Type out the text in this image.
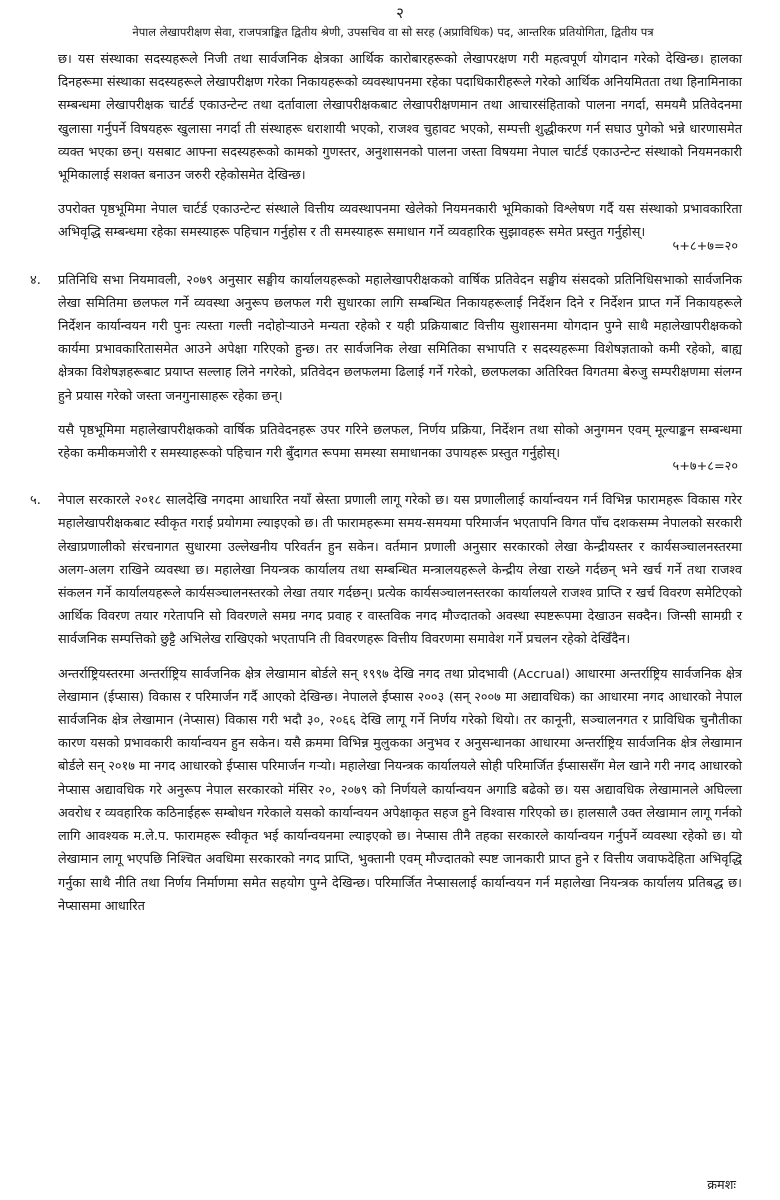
२

नेपाल लेखापरीक्षण सेवा, राजपत्राङ्कित द्वितीय श्रेणी, उपसचिव वा सो सरह (अप्राविधिक) पद, आन्तरिक प्रतियोगिता, द्वितीय पत्र

छ। यस संस्थाका सदस्यहरूले निजी तथा सार्वजनिक क्षेत्रका आर्थिक कारोबारहरूको लेखापरक्षण गरी महत्वपूर्ण योगदान गरेको देखिन्छ। हालका दिनहरूमा संस्थाका सदस्यहरूले लेखापरीक्षण गरेका निकायहरूको व्यवस्थापनमा रहेका पदाधिकारीहरूले गरेको आर्थिक अनियमितता तथा हिनामिनाका सम्बन्धमा लेखापरीक्षक चार्टर्ड एकाउन्टेन्ट तथा दर्तावाला लेखापरीक्षकबाट लेखापरीक्षणमान तथा आचारसंहिताको पालना नगर्दा, समयमै प्रतिवेदनमा खुलासा गर्नुपर्ने विषयहरू खुलासा नगर्दा ती संस्थाहरू धराशायी भएको, राजश्व चुहावट भएको, सम्पत्ती शुद्धीकरण गर्न सघाउ पुगेको भन्ने धारणासमेत व्यक्त भएका छन्। यसबाट आफ्ना सदस्यहरूको कामको गुणस्तर, अनुशासनको पालना जस्ता विषयमा नेपाल चार्टर्ड एकाउन्टेन्ट संस्थाको नियमनकारी भूमिकालाई सशक्त बनाउन जरुरी रहेकोसमेत देखिन्छ।

उपरोक्त पृष्ठभूमिमा नेपाल चार्टर्ड एकाउन्टेन्ट संस्थाले वित्तीय व्यवस्थापनमा खेलेको नियमनकारी भूमिकाको विश्लेषण गर्दै यस संस्थाको प्रभावकारिता अभिवृद्धि सम्बन्धमा रहेका समस्याहरू पहिचान गर्नुहोस र ती समस्याहरू समाधान गर्ने व्यवहारिक सुझावहरू समेत प्रस्तुत गर्नुहोस्।

५+८+७=२०

४. प्रतिनिधि सभा नियमावली, २०७९ अनुसार सङ्घीय कार्यालयहरूको महालेखापरीक्षकको वार्षिक प्रतिवेदन सङ्घीय संसदको प्रतिनिधिसभाको सार्वजनिक लेखा समितिमा छलफल गर्ने व्यवस्था अनुरूप छलफल गरी सुधारका लागि सम्बन्धित निकायहरूलाई निर्देशन दिने र निर्देशन प्राप्त गर्ने निकायहरूले निर्देशन कार्यान्वयन गरी पुनः त्यस्ता गल्ती नदोहोऱ्याउने मन्यता रहेको र यही प्रक्रियाबाट वित्तीय सुशासनमा योगदान पुग्ने साथै महालेखापरीक्षकको कार्यमा प्रभावकारितासमेत आउने अपेक्षा गरिएको हुन्छ। तर सार्वजनिक लेखा समितिका सभापति र सदस्यहरूमा विशेषज्ञताको कमी रहेको, बाह्य क्षेत्रका विशेषज्ञहरूबाट प्रयाप्त सल्लाह लिने नगरेको, प्रतिवेदन छलफलमा ढिलाई गर्ने गरेको, छलफलका अतिरिक्त विगतमा बेरुजु सम्परीक्षणमा संलग्न हुने प्रयास गरेको जस्ता जनगुनासाहरू रहेका छन्।

यसै पृष्ठभूमिमा महालेखापरीक्षकको वार्षिक प्रतिवेदनहरू उपर गरिने छलफल, निर्णय प्रक्रिया, निर्देशन तथा सोको अनुगमन एवम् मूल्याङ्कन सम्बन्धमा रहेका कमीकमजोरी र समस्याहरूको पहिचान गरी बुँदागत रूपमा समस्या समाधानका उपायहरू प्रस्तुत गर्नुहोस्।

५+७+८=२०

५. नेपाल सरकारले २०१८ सालदेखि नगदमा आधारित नयाँ स्रेस्ता प्रणाली लागू गरेको छ। यस प्रणालीलाई कार्यान्वयन गर्न विभिन्न फारामहरू विकास गरेर महालेखापरीक्षकबाट स्वीकृत गराई प्रयोगमा ल्याइएको छ। ती फारामहरूमा समय-समयमा परिमार्जन भएतापनि विगत पाँच दशकसम्म नेपालको सरकारी लेखाप्रणालीको संरचनागत सुधारमा उल्लेखनीय परिवर्तन हुन सकेन। वर्तमान प्रणाली अनुसार सरकारको लेखा केन्द्रीयस्तर र कार्यसञ्चालनस्तरमा अलग-अलग राखिने व्यवस्था छ। महालेखा नियन्त्रक कार्यालय तथा सम्बन्धित मन्त्रालयहरूले केन्द्रीय लेखा राख्ने गर्दछन् भने खर्च गर्ने तथा राजश्व संकलन गर्ने कार्यालयहरूले कार्यसञ्चालनस्तरको लेखा तयार गर्दछन्। प्रत्येक कार्यसञ्चालनस्तरका कार्यालयले राजश्व प्राप्ति र खर्च विवरण समेटिएको आर्थिक विवरण तयार गरेतापनि सो विवरणले समग्र नगद प्रवाह र वास्तविक नगद मौज्दातको अवस्था स्पष्टरूपमा देखाउन सक्दैन। जिन्सी सामग्री र सार्वजनिक सम्पत्तिको छुट्टै अभिलेख राखिएको भएतापनि ती विवरणहरू वित्तीय विवरणमा समावेश गर्ने प्रचलन रहेको देखिँदैन।

अन्तर्राष्ट्रियस्तरमा अन्तर्राष्ट्रिय सार्वजनिक क्षेत्र लेखामान बोर्डले सन् १९९७ देखि नगद तथा प्रोदभावी (Accrual) आधारमा अन्तर्राष्ट्रिय सार्वजनिक क्षेत्र लेखामान (ईप्सास) विकास र परिमार्जन गर्दै आएको देखिन्छ। नेपालले ईप्सास २००३ (सन् २००७ मा अद्यावधिक) का आधारमा नगद आधारको नेपाल सार्वजनिक क्षेत्र लेखामान (नेप्सास) विकास गरी भदौ ३०, २०६६ देखि लागू गर्ने निर्णय गरेको थियो। तर कानूनी, सञ्चालनगत र प्राविधिक चुनौतीका कारण यसको प्रभावकारी कार्यान्वयन हुन सकेन। यसै क्रममा विभिन्न मुलुकका अनुभव र अनुसन्धानका आधारमा अन्तर्राष्ट्रिय सार्वजनिक क्षेत्र लेखामान बोर्डले सन् २०१७ मा नगद आधारको ईप्सास परिमार्जन गऱ्यो। महालेखा नियन्त्रक कार्यालयले सोही परिमार्जित ईप्साससँग मेल खाने गरी नगद आधारको नेप्सास अद्यावधिक गरे अनुरूप नेपाल सरकारको मंसिर २०, २०७९ को निर्णयले कार्यान्वयन अगाडि बढेको छ। यस अद्यावधिक लेखामानले अघिल्ला अवरोध र व्यवहारिक कठिनाईहरू सम्बोधन गरेकाले यसको कार्यान्वयन अपेक्षाकृत सहज हुने विश्वास गरिएको छ। हालसालै उक्त लेखामान लागू गर्नको लागि आवश्यक म.ले.प. फारामहरू स्वीकृत भई कार्यान्वयनमा ल्याइएको छ। नेप्सास तीनै तहका सरकारले कार्यान्वयन गर्नुपर्ने व्यवस्था रहेको छ। यो लेखामान लागू भएपछि निश्चित अवधिमा सरकारको नगद प्राप्ति, भुक्तानी एवम् मौज्दातको स्पष्ट जानकारी प्राप्त हुने र वित्तीय जवाफदेहिता अभिवृद्धि गर्नुका साथै नीति तथा निर्णय निर्माणमा समेत सहयोग पुग्ने देखिन्छ। परिमार्जित नेप्सासलाई कार्यान्वयन गर्न महालेखा नियन्त्रक कार्यालय प्रतिबद्ध छ। नेप्सासमा आधारित

क्रमशः
